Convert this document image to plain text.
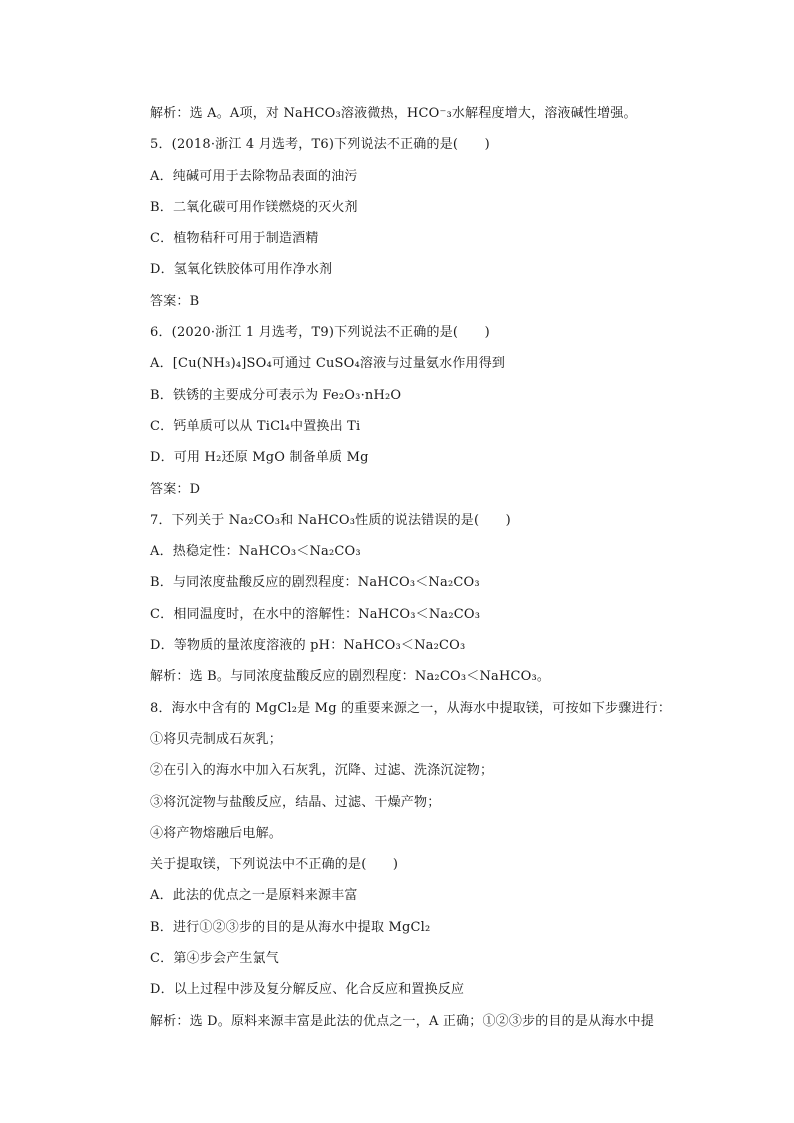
解析：选 A。A项，对 NaHCO₃溶液微热，HCO⁻₃水解程度增大，溶液碱性增强。
5．(2018·浙江 4 月选考，T6)下列说法不正确的是(　　)
A．纯碱可用于去除物品表面的油污
B．二氧化碳可用作镁燃烧的灭火剂
C．植物秸秆可用于制造酒精
D．氢氧化铁胶体可用作净水剂
答案：B
6．(2020·浙江 1 月选考，T9)下列说法不正确的是(　　)
A．[Cu(NH₃)₄]SO₄可通过 CuSO₄溶液与过量氨水作用得到
B．铁锈的主要成分可表示为 Fe₂O₃·nH₂O
C．钙单质可以从 TiCl₄中置换出 Ti
D．可用 H₂还原 MgO 制备单质 Mg
答案：D
7．下列关于 Na₂CO₃和 NaHCO₃性质的说法错误的是(　　)
A．热稳定性：NaHCO₃＜Na₂CO₃
B．与同浓度盐酸反应的剧烈程度：NaHCO₃＜Na₂CO₃
C．相同温度时，在水中的溶解性：NaHCO₃＜Na₂CO₃
D．等物质的量浓度溶液的 pH：NaHCO₃＜Na₂CO₃
解析：选 B。与同浓度盐酸反应的剧烈程度：Na₂CO₃＜NaHCO₃。
8．海水中含有的 MgCl₂是 Mg 的重要来源之一，从海水中提取镁，可按如下步骤进行：
①将贝壳制成石灰乳；
②在引入的海水中加入石灰乳，沉降、过滤、洗涤沉淀物；
③将沉淀物与盐酸反应，结晶、过滤、干燥产物；
④将产物熔融后电解。
关于提取镁，下列说法中不正确的是(　　)
A．此法的优点之一是原料来源丰富
B．进行①②③步的目的是从海水中提取 MgCl₂
C．第④步会产生氯气
D．以上过程中涉及复分解反应、化合反应和置换反应
解析：选 D。原料来源丰富是此法的优点之一，A 正确；①②③步的目的是从海水中提
